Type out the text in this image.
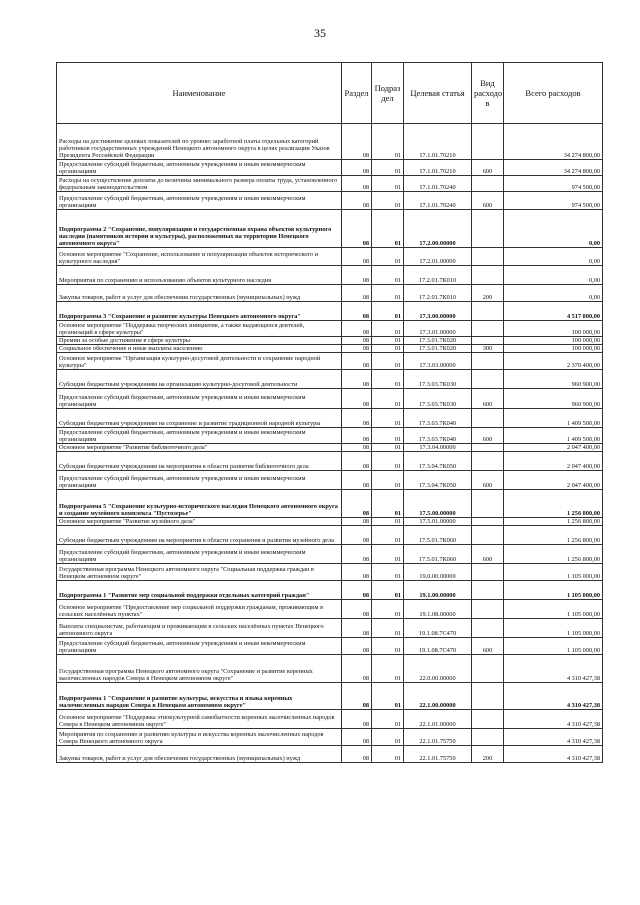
35
Наименование	Раздел	Подраз дел	Целевая статья	Вид расходо в	Всего расходов
Расходы на достижение целевых показателей по уровню заработной платы отдельных категорий работников государственных учреждений Ненецкого автономного округа в целях реализации Указов Президента Российской Федерации	08	01	17.1.01.70210		34 274 800,00
Предоставление субсидий бюджетным, автономным учреждениям и иным некоммерческим организациям	08	01	17.1.01.70210	600	34 274 800,00
Расходы на осуществление доплаты до величины минимального размера оплаты труда, установленного федеральным законодательством	08	01	17.1.01.70240		974 500,00
Предоставление субсидий бюджетным, автономным учреждениям и иным некоммерческим организациям	08	01	17.1.01.70240	600	974 500,00
Подпрограмма 2 "Сохранение, популяризация и государственная охрана объектов культурного наследия (памятников истории и культуры), расположенных на территории Ненецкого автономного округа"	08	01	17.2.00.00000		0,00
Основное мероприятие "Сохранение, использование и популяризация объектов исторического и культурного наследия"	08	01	17.2.01.00000		0,00
Мероприятия по сохранению и использованию объектов культурного наследия	08	01	17.2.01.7К010		0,00
Закупка товаров, работ и услуг для обеспечения государственных (муниципальных) нужд	08	01	17.2.01.7К010	200	0,00
Подпрограмма 3 "Сохранение и развитие культуры Ненецкого автономного округа"	08	01	17.3.00.00000		4 517 800,00
Основное мероприятие "Поддержка творческих инициатив, а также выдающихся деятелей, организаций в сфере культуры"	08	01	17.3.01.00000		100 000,00
Премии за особые достижения в сфере культуры	08	01	17.3.01.7К020		100 000,00
Социальное обеспечение и иные выплаты населению	08	01	17.3.01.7К020	300	100 000,00
Основное мероприятие "Организация культурно-досуговой деятельности и сохранение народной культуры"	08	01	17.3.03.00000		2 370 400,00
Субсидии бюджетным учреждениям на организацию культурно-досуговой деятельности	08	01	17.3.03.7К030		960 900,00
Предоставление субсидий бюджетным, автономным учреждениям и иным некоммерческим организациям	08	01	17.3.03.7К030	600	960 900,00
Субсидии бюджетным учреждениям на сохранение и развитие традиционной народной культуры	08	01	17.3.03.7К040		1 409 500,00
Предоставление субсидий бюджетным, автономным учреждениям и иным некоммерческим организациям	08	01	17.3.03.7К040	600	1 409 500,00
Основное мероприятие "Развитие библиотечного дела"	08	01	17.3.04.00000		2 047 400,00
Субсидии бюджетным учреждениям на мероприятия в области развития библиотечного дела	08	01	17.3.04.7К050		2 047 400,00
Предоставление субсидий бюджетным, автономным учреждениям и иным некоммерческим организациям	08	01	17.3.04.7К050	600	2 047 400,00
Подпрограмма 5 "Сохранение культурно-исторического наследия Ненецкого автономного округа и создание музейного комплекса "Пустозерье"	08	01	17.5.00.00000		1 256 800,00
Основное мероприятие "Развитие музейного дела"	08	01	17.5.01.00000		1 256 800,00
Субсидии бюджетным учреждениям на мероприятия в области сохранения и развития музейного дела	08	01	17.5.01.7К060		1 256 800,00
Предоставление субсидий бюджетным, автономным учреждениям и иным некоммерческим организациям	08	01	17.5.01.7К060	600	1 256 800,00
Государственная программа Ненецкого автономного округа "Социальная поддержка граждан в Ненецком автономном округе"	08	01	19.0.00.00000		1 105 000,00
Подпрограмма 1 "Развитие мер социальной поддержки отдельных категорий граждан"	08	01	19.1.00.00000		1 105 000,00
Основное мероприятие "Предоставление мер социальной поддержки гражданам, проживающим в сельских населённых пунктах"	08	01	19.1.08.00000		1 105 000,00
Выплаты специалистам, работающим и проживающим в сельских населённых пунктах Ненецкого автономного округа	08	01	19.1.08.7С470		1 105 000,00
Предоставление субсидий бюджетным, автономным учреждениям и иным некоммерческим организациям	08	01	19.1.08.7С470	600	1 105 000,00
Государственная программа Ненецкого автономного округа "Сохранение и развитие коренных малочисленных народов Севера в Ненецком автономном округе"	08	01	22.0.00.00000		4 310 427,38
Подпрограмма 1 "Сохранение и развитие культуры, искусства и языка коренных малочисленных народов Севера в Ненецком автономном округе"	08	01	22.1.00.00000		4 310 427,38
Основное мероприятие "Поддержка этнокультурной самобытности коренных малочисленных народов Севера в Ненецком автономном округе"	08	01	22.1.01.00000		4 310 427,38
Мероприятия по сохранению и развитию культуры и искусства коренных малочисленных народов Севера Ненецкого автономного округа	08	01	22.1.01.75750		4 310 427,38
Закупка товаров, работ и услуг для обеспечения государственных (муниципальных) нужд	08	01	22.1.01.75750	200	4 310 427,38
